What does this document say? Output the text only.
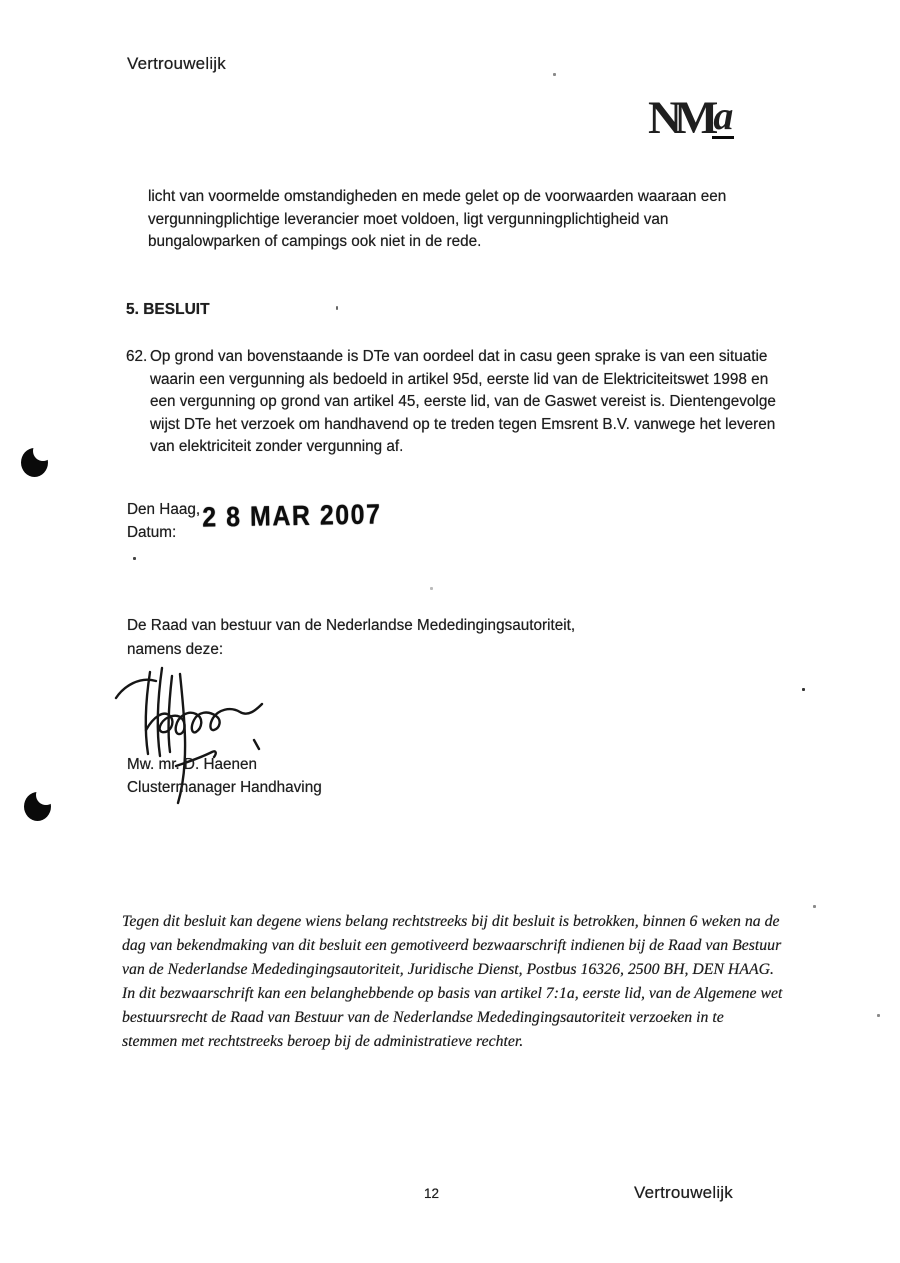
Vertrouwelijk
NMa
licht van voormelde omstandigheden en mede gelet op de voorwaarden waaraan een
vergunningplichtige leverancier moet voldoen, ligt vergunningplichtigheid van
bungalowparken of campings ook niet in de rede.
5. BESLUIT
62. Op grond van bovenstaande is DTe van oordeel dat in casu geen sprake is van een situatie
waarin een vergunning als bedoeld in artikel 95d, eerste lid van de Elektriciteitswet 1998 en
een vergunning op grond van artikel 45, eerste lid, van de Gaswet vereist is. Dientengevolge
wijst DTe het verzoek om handhavend op te treden tegen Emsrent B.V. vanwege het leveren
van elektriciteit zonder vergunning af.
Den Haag,
Datum:	2 8 MAR 2007
De Raad van bestuur van de Nederlandse Mededingingsautoriteit,
namens deze:
Mw. mr. D. Haenen
Clustermanager Handhaving
Tegen dit besluit kan degene wiens belang rechtstreeks bij dit besluit is betrokken, binnen 6 weken na de
dag van bekendmaking van dit besluit een gemotiveerd bezwaarschrift indienen bij de Raad van Bestuur
van de Nederlandse Mededingingsautoriteit, Juridische Dienst, Postbus 16326, 2500 BH, DEN HAAG.
In dit bezwaarschrift kan een belanghebbende op basis van artikel 7:1a, eerste lid, van de Algemene wet
bestuursrecht de Raad van Bestuur van de Nederlandse Mededingingsautoriteit verzoeken in te
stemmen met rechtstreeks beroep bij de administratieve rechter.
12	Vertrouwelijk
